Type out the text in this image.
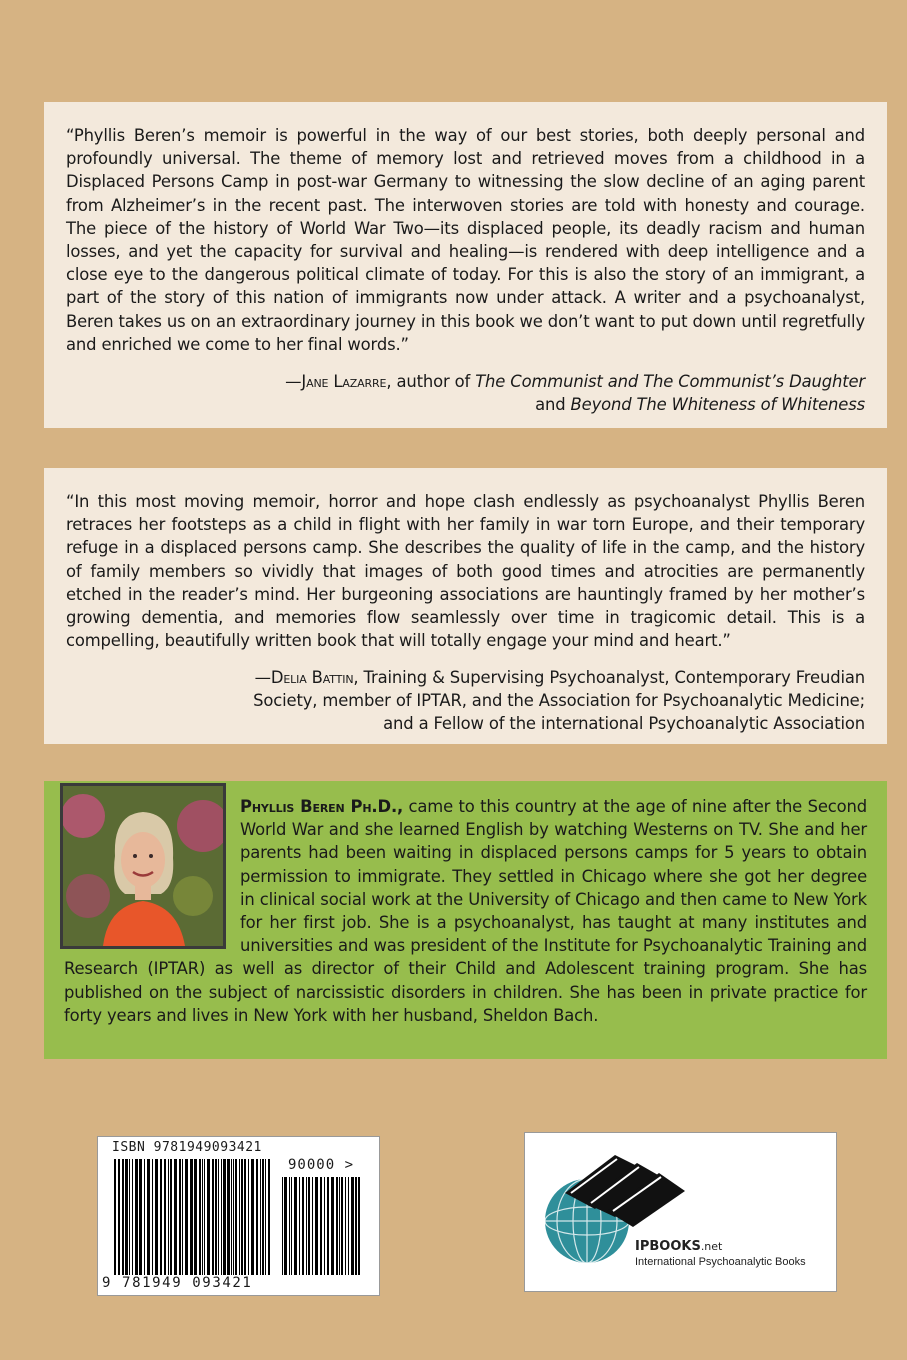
“Phyllis Beren’s memoir is powerful in the way of our best stories, both deeply personal and profoundly universal. The theme of memory lost and retrieved moves from a childhood in a Displaced Persons Camp in post-war Germany to witnessing the slow decline of an aging parent from Alzheimer’s in the recent past. The interwoven stories are told with honesty and courage. The piece of the history of World War Two—its displaced people, its deadly racism and human losses, and yet the capacity for survival and healing—is rendered with deep intelligence and a close eye to the dangerous political climate of today. For this is also the story of an immigrant, a part of the story of this nation of immigrants now under attack. A writer and a psychoanalyst, Beren takes us on an extraordinary journey in this book we don’t want to put down until regretfully and enriched we come to her final words.”
—Jane Lazarre, author of The Communist and The Communist’s Daughter
and Beyond The Whiteness of Whiteness
“In this most moving memoir, horror and hope clash endlessly as psychoanalyst Phyllis Beren retraces her footsteps as a child in flight with her family in war torn Europe, and their temporary refuge in a displaced persons camp. She describes the quality of life in the camp, and the history of family members so vividly that images of both good times and atrocities are permanently etched in the reader’s mind. Her burgeoning associations are hauntingly framed by her mother’s growing dementia, and memories flow seamlessly over time in tragicomic detail. This is a compelling, beautifully written book that will totally engage your mind and heart.”
—Delia Battin, Training & Supervising Psychoanalyst, Contemporary Freudian
Society, member of IPTAR, and the Association for Psychoanalytic Medicine;
and a Fellow of the international Psychoanalytic Association
Phyllis Beren Ph.D., came to this country at the age of nine after the Second World War and she learned English by watching Westerns on TV. She and her parents had been waiting in displaced persons camps for 5 years to obtain permission to immigrate. They settled in Chicago where she got her degree in clinical social work at the University of Chicago and then came to New York for her first job. She is a psychoanalyst, has taught at many institutes and universities and was president of the Institute for Psychoanalytic Training and Research (IPTAR) as well as director of their Child and Adolescent training program. She has published on the subject of narcissistic disorders in children. She has been in private practice for forty years and lives in New York with her husband, Sheldon Bach.
ISBN 9781949093421
90000 >
9 781949 093421
IPBOOKS.net
International Psychoanalytic Books
